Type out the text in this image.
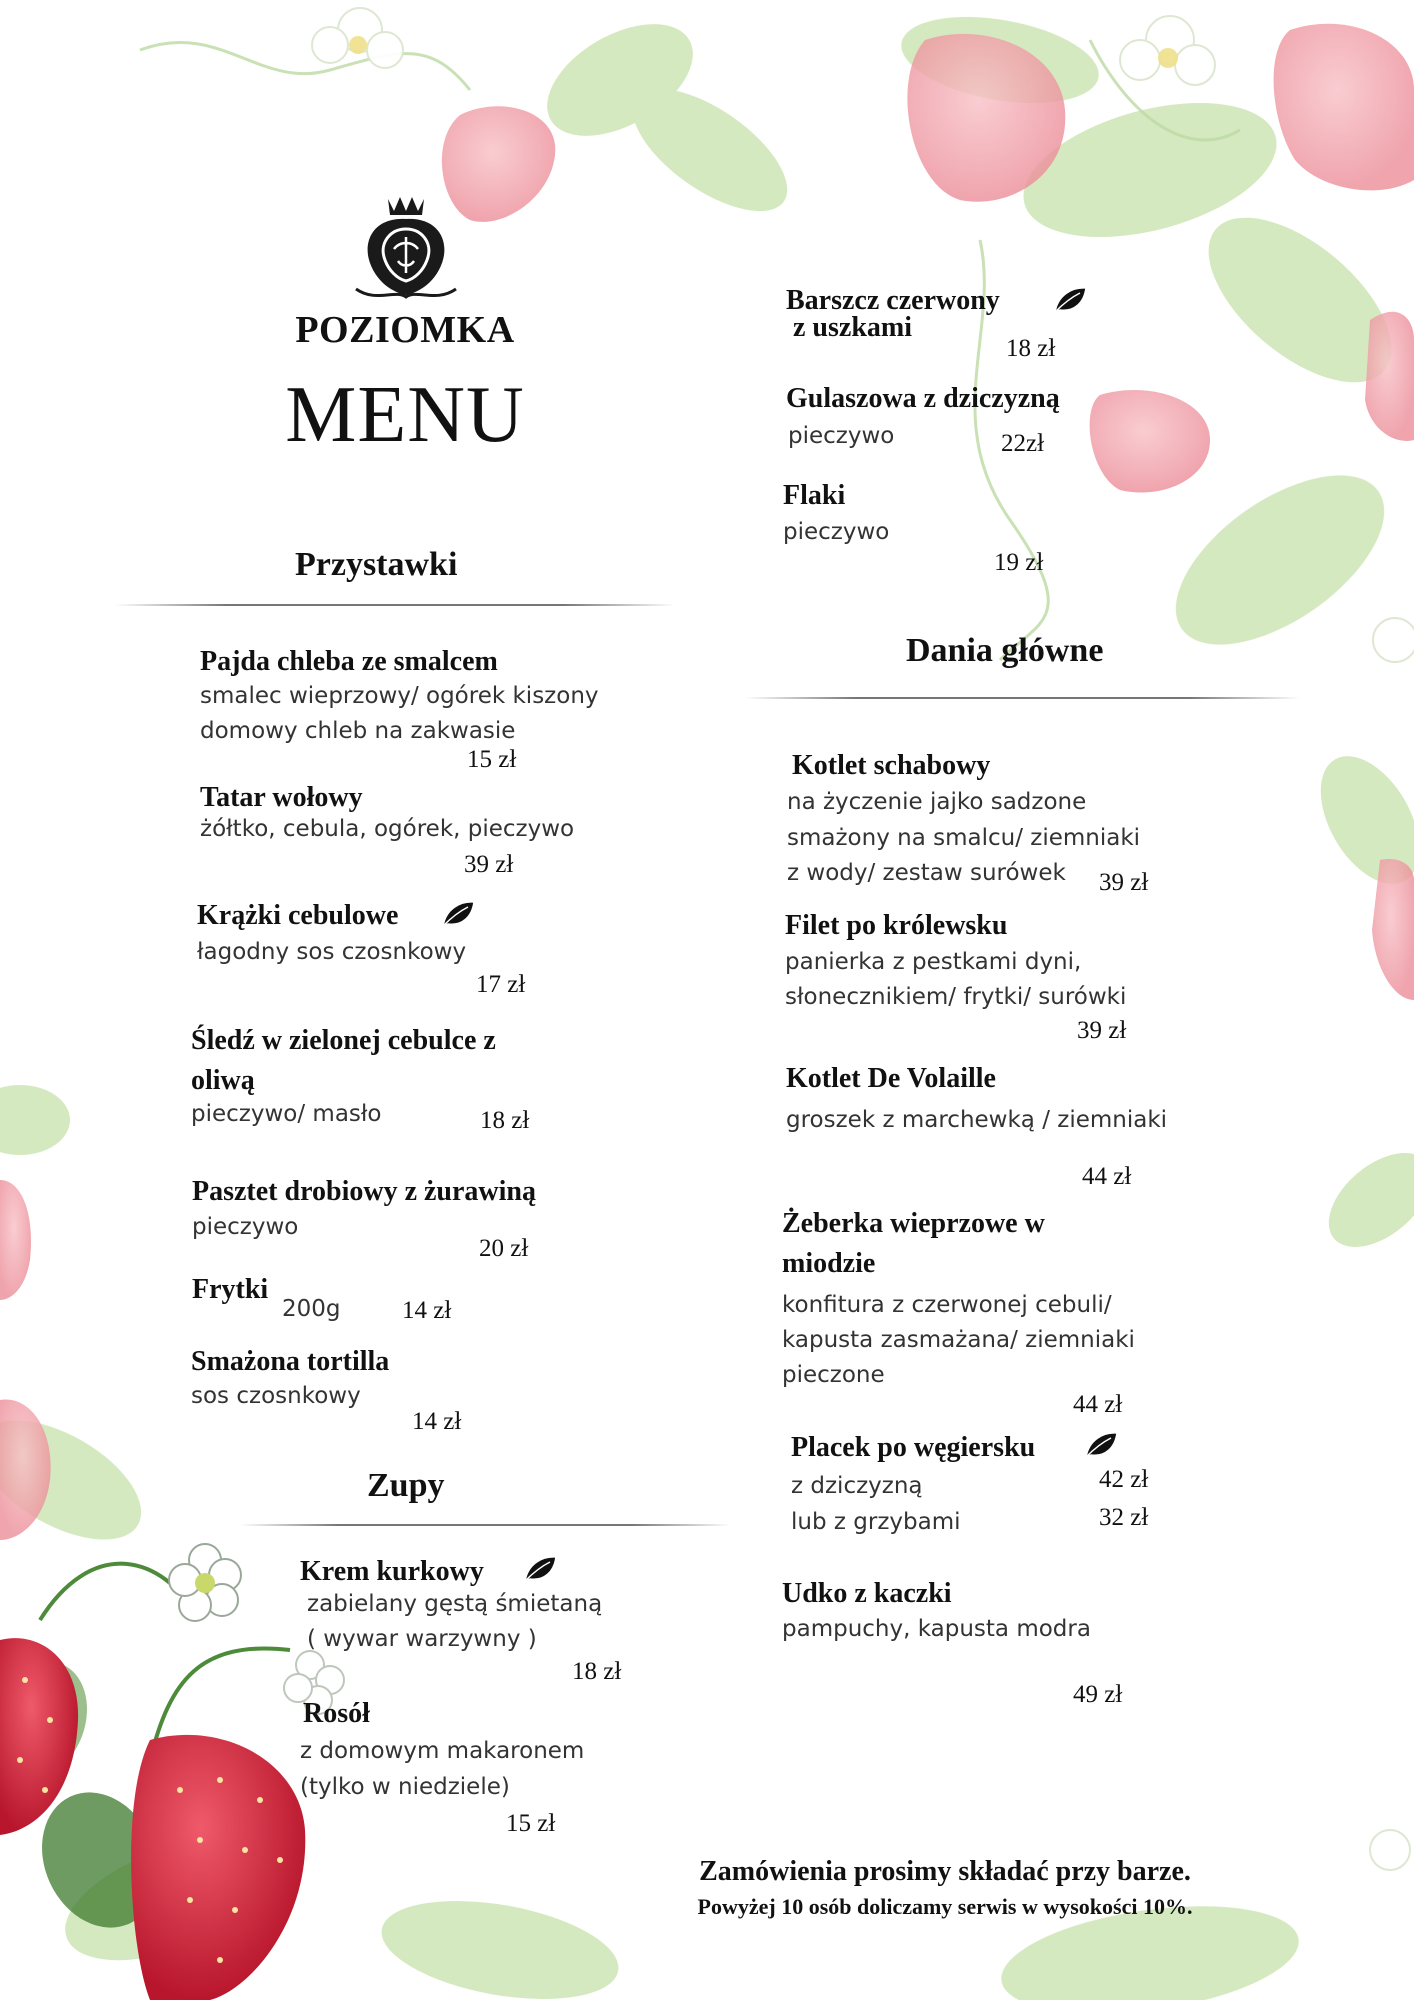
POZIOMKA
MENU
Przystawki
Pajda chleba ze smalcem
smalec wieprzowy/ ogórek kiszony
domowy chleb na zakwasie
15 zł
Tatar wołowy
żółtko, cebula, ogórek, pieczywo
39 zł
Krążki cebulowe
łagodny sos czosnkowy
17 zł
Śledź w zielonej cebulce z
oliwą
pieczywo/ masło	18 zł
Pasztet drobiowy z żurawiną
pieczywo
20 zł
Frytki
200g 14 zł
Smażona tortilla
sos czosnkowy
14 zł
Zupy
Krem kurkowy
zabielany gęstą śmietaną
( wywar warzywny )
18 zł
Rosół
z domowym makaronem
(tylko w niedziele)
15 zł
Barszcz czerwony
z uszkami
18 zł
Gulaszowa z dziczyzną
pieczywo	22zł
Flaki
pieczywo
19 zł
Dania główne
Kotlet schabowy
na życzenie jajko sadzone
smażony na smalcu/ ziemniaki
z wody/ zestaw surówek 39 zł
Filet po królewsku
panierka z pestkami dyni,
słonecznikiem/ frytki/ surówki
39 zł
Kotlet De Volaille
groszek z marchewką / ziemniaki
44 zł
Żeberka wieprzowe w
miodzie
konfitura z czerwonej cebuli/
kapusta zasmażana/ ziemniaki
pieczone
44 zł
Placek po węgiersku
z dziczyzną	42 zł
lub z grzybami	32 zł
Udko z kaczki
pampuchy, kapusta modra
49 zł
Zamówienia prosimy składać przy barze.
Powyżej 10 osób doliczamy serwis w wysokości 10%.
